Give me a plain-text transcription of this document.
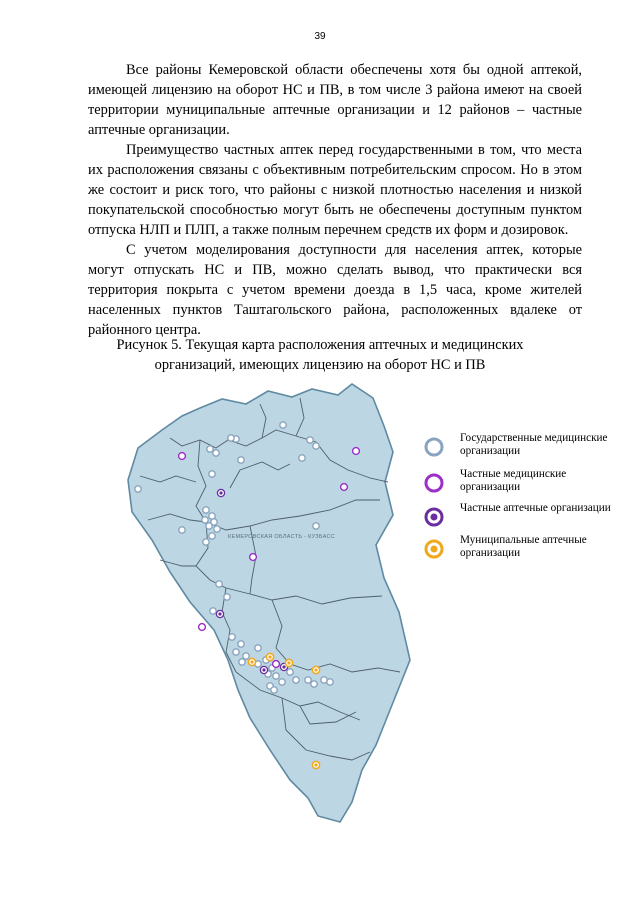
39

Все районы Кемеровской области обеспечены хотя бы одной аптекой, имеющей лицензию на оборот НС и ПВ, в том числе 3 района имеют на своей территории муниципальные аптечные организации и 12 районов – частные аптечные организации.

Преимущество частных аптек перед государственными в том, что места их расположения связаны с объективным потребительским спросом. Но в этом же состоит и риск того, что районы с низкой плотностью населения и низкой покупательской способностью могут быть не обеспечены доступным пунктом отпуска НЛП и ПЛП, а также полным перечнем средств их форм и дозировок.

С учетом моделирования доступности для населения аптек, которые могут отпускать НС и ПВ, можно сделать вывод, что практически вся территория покрыта с учетом времени доезда в 1,5 часа, кроме жителей населенных пунктов Таштагольского района, расположенных вдалеке от районного центра.

Рисунок 5. Текущая карта расположения аптечных и медицинских
организаций, имеющих лицензию на оборот НС и ПВ
КЕМЕРОВСКАЯ ОБЛАСТЬ - КУЗБАСС
Государственные медицинские организации
Частные медицинские организации
Частные аптечные организации
Муниципальные аптечные организации
